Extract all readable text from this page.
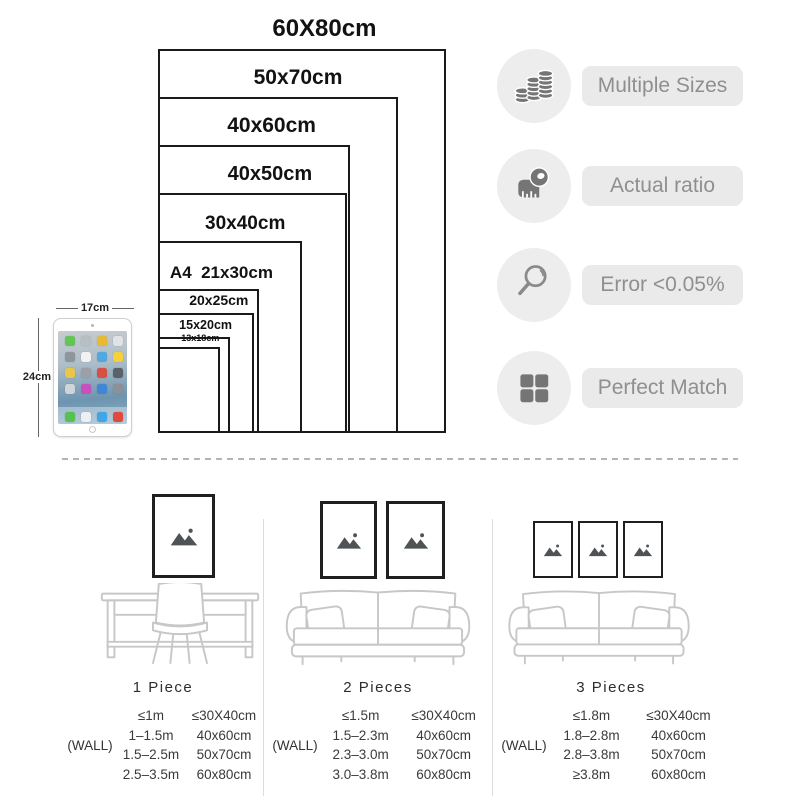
60X80cm
50x70cm
40x60cm
40x50cm
30x40cm
A4  21x30cm
20x25cm
15x20cm
13x18cm
17cm
24cm
Multiple Sizes
Actual ratio
Error <0.05%
Perfect Match
1 Piece
(WALL)
≤1m	≤30X40cm
1–1.5m	40x60cm
1.5–2.5m	50x70cm
2.5–3.5m	60x80cm
2 Pieces
(WALL)
≤1.5m	≤30X40cm
1.5–2.3m	40x60cm
2.3–3.0m	50x70cm
3.0–3.8m	60x80cm
3 Pieces
(WALL)
≤1.8m	≤30X40cm
1.8–2.8m	40x60cm
2.8–3.8m	50x70cm
≥3.8m	60x80cm
